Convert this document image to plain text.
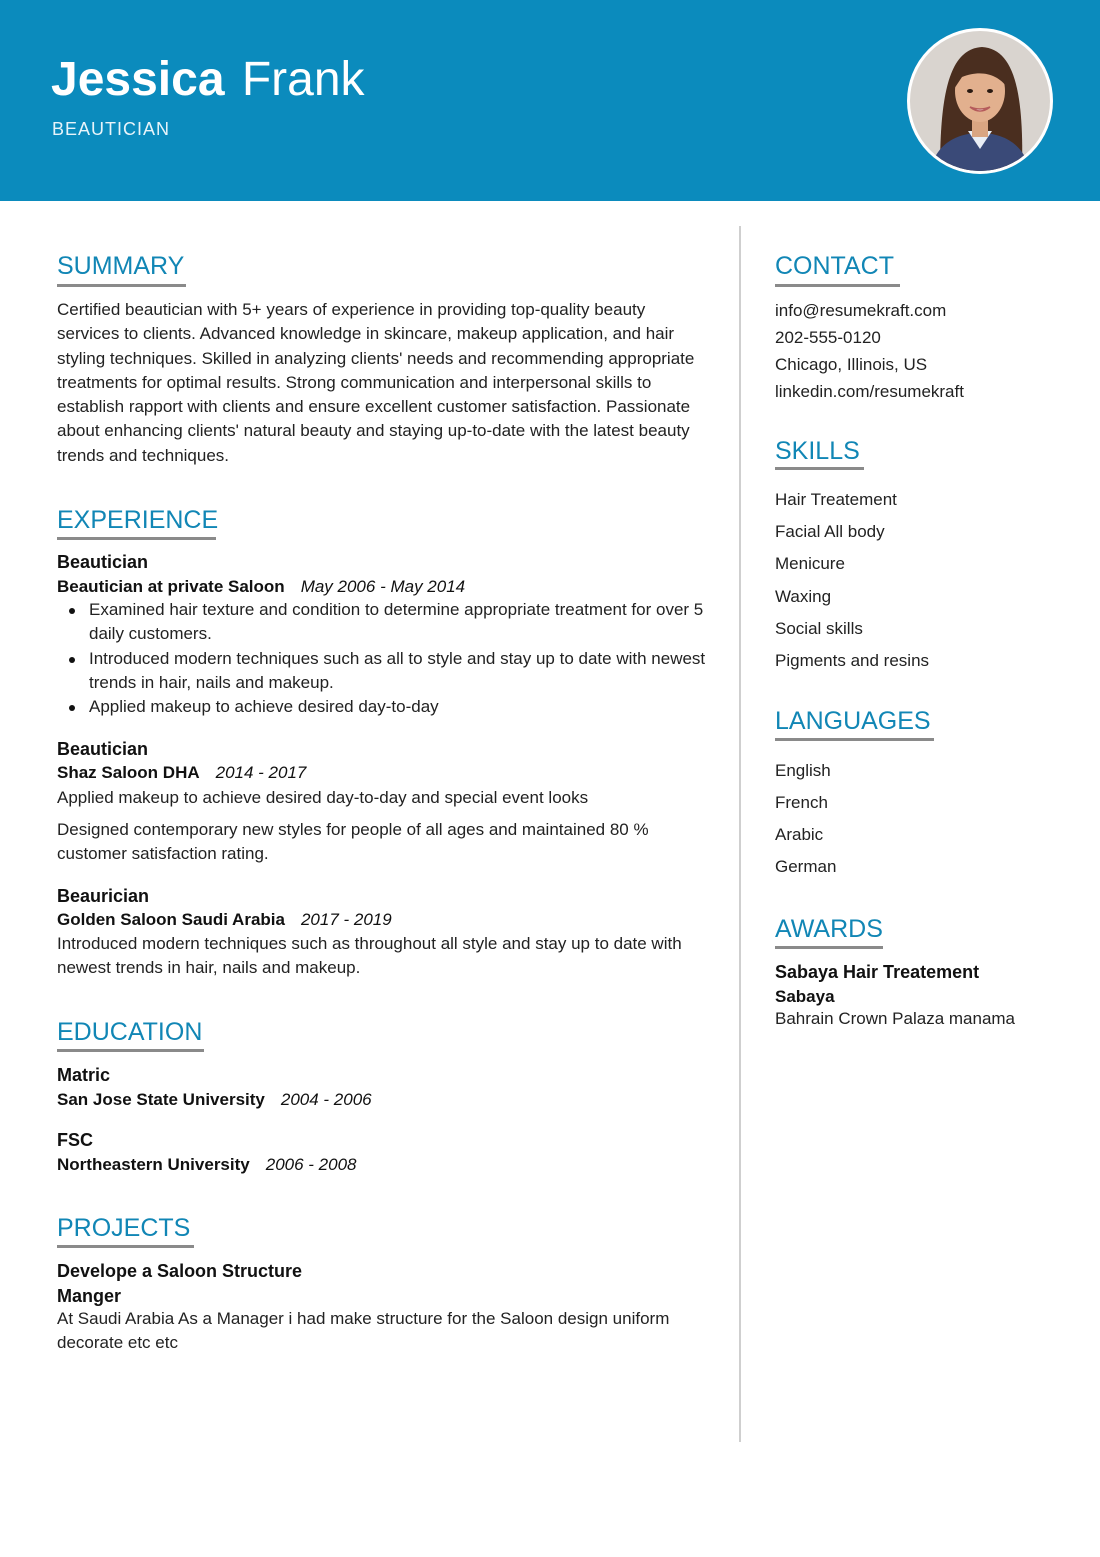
Jessica Frank
BEAUTICIAN
SUMMARY
Certified beautician with 5+ years of experience in providing top-quality beauty services to clients. Advanced knowledge in skincare, makeup application, and hair styling techniques. Skilled in analyzing clients' needs and recommending appropriate treatments for optimal results. Strong communication and interpersonal skills to establish rapport with clients and ensure excellent customer satisfaction. Passionate about enhancing clients' natural beauty and staying up-to-date with the latest beauty trends and techniques.
EXPERIENCE
Beautician
Beautician at private Saloon May 2006 - May 2014
Examined hair texture and condition to determine appropriate treatment for over 5 daily customers.
Introduced modern techniques such as all to style and stay up to date with newest trends in hair, nails and makeup.
Applied makeup to achieve desired day-to-day
Beautician
Shaz Saloon DHA 2014 - 2017
Applied makeup to achieve desired day-to-day and special event looks
Designed contemporary new styles for people of all ages and maintained 80 % customer satisfaction rating.
Beaurician
Golden Saloon Saudi Arabia 2017 - 2019
Introduced modern techniques such as throughout all style and stay up to date with newest trends in hair, nails and makeup.
EDUCATION
Matric
San Jose State University 2004 - 2006
FSC
Northeastern University 2006 - 2008
PROJECTS
Develope a Saloon Structure
Manger
At Saudi Arabia As a Manager i had make structure for the Saloon design uniform decorate etc etc
CONTACT
info@resumekraft.com
202-555-0120
Chicago, Illinois, US
linkedin.com/resumekraft
SKILLS
Hair Treatement
Facial All body
Menicure
Waxing
Social skills
Pigments and resins
LANGUAGES
English
French
Arabic
German
AWARDS
Sabaya Hair Treatement
Sabaya
Bahrain Crown Palaza manama
